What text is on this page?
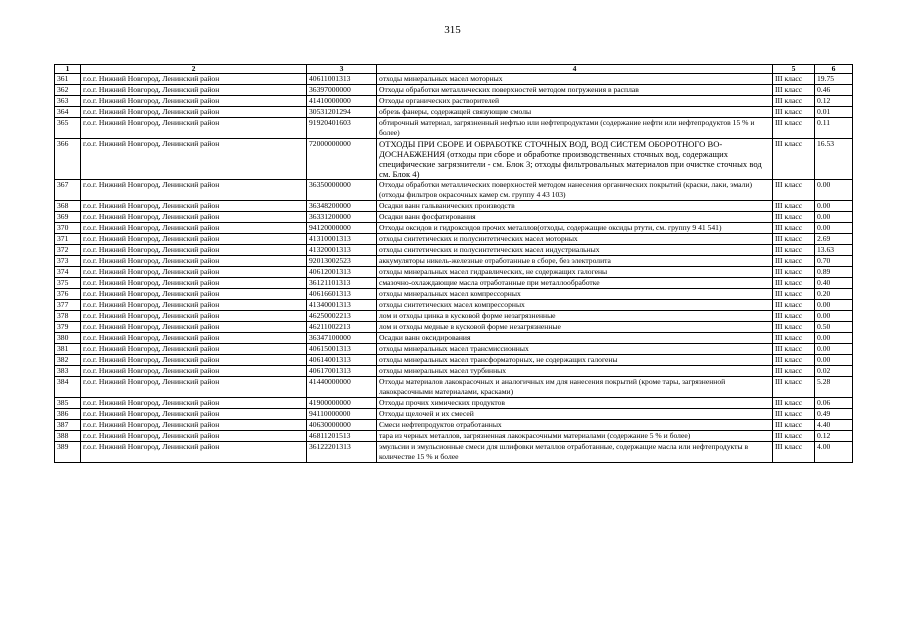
315
1	2	3	4	5	6
361	г.о.г. Нижний Новгород, Ленинский район	40611001313	отходы минеральных масел моторных	III класс	19.75
362	г.о.г. Нижний Новгород, Ленинский район	36397000000	Отходы обработки металлических поверхностей методом погружения в расплав	III класс	0.46
363	г.о.г. Нижний Новгород, Ленинский район	41410000000	Отходы органических растворителей	III класс	0.12
364	г.о.г. Нижний Новгород, Ленинский район	30531201294	обрезь фанеры, содержащей связующие смолы	III класс	0.01
365	г.о.г. Нижний Новгород, Ленинский район	91920401603	обтирочный материал, загрязненный нефтью или нефтепродуктами (содержание нефти или нефтепродуктов 15 % и более)	III класс	0.11
366	г.о.г. Нижний Новгород, Ленинский район	72000000000	ОТХОДЫ ПРИ СБОРЕ И ОБРАБОТКЕ СТОЧНЫХ ВОД, ВОД СИСТЕМ ОБОРОТНОГО ВО-ДОСНАБЖЕНИЯ (отходы при сборе и обработке производственных сточных вод, содержащих специфические загрязнители - см. Блок 3; отходы фильтровальных материалов при очистке сточных вод см. Блок 4)	III класс	16.53
367	г.о.г. Нижний Новгород, Ленинский район	36350000000	Отходы обработки металлических поверхностей методом нанесения органических покрытий (краски, лаки, эмали)(отходы фильтров окрасочных камер см. группу 4 43 103)	III класс	0.00
368	г.о.г. Нижний Новгород, Ленинский район	36348200000	Осадки ванн гальванических производств	III класс	0.00
369	г.о.г. Нижний Новгород, Ленинский район	36331200000	Осадки ванн фосфатирования	III класс	0.00
370	г.о.г. Нижний Новгород, Ленинский район	94120000000	Отходы оксидов и гидроксидов прочих металлов(отходы, содержащие оксиды ртути, см. группу 9 41 541)	III класс	0.00
371	г.о.г. Нижний Новгород, Ленинский район	41310001313	отходы синтетических и полусинтетических масел моторных	III класс	2.69
372	г.о.г. Нижний Новгород, Ленинский район	41320001313	отходы синтетических и полусинтетических масел индустриальных	III класс	13.63
373	г.о.г. Нижний Новгород, Ленинский район	92013002523	аккумуляторы никель-железные отработанные в сборе, без электролита	III класс	0.70
374	г.о.г. Нижний Новгород, Ленинский район	40612001313	отходы минеральных масел гидравлических, не содержащих галогены	III класс	0.89
375	г.о.г. Нижний Новгород, Ленинский район	36121101313	смазочно-охлаждающие масла отработанные при металлообработке	III класс	0.40
376	г.о.г. Нижний Новгород, Ленинский район	40616601313	отходы минеральных масел компрессорных	III класс	0.20
377	г.о.г. Нижний Новгород, Ленинский район	41340001313	отходы синтетических масел компрессорных	III класс	0.00
378	г.о.г. Нижний Новгород, Ленинский район	46250002213	лом и отходы цинка в кусковой форме незагрязненные	III класс	0.00
379	г.о.г. Нижний Новгород, Ленинский район	46211002213	лом и отходы медные в кусковой форме незагрязненные	III класс	0.50
380	г.о.г. Нижний Новгород, Ленинский район	36347100000	Осадки ванн оксидирования	III класс	0.00
381	г.о.г. Нижний Новгород, Ленинский район	40615001313	отходы минеральных масел трансмиссионных	III класс	0.00
382	г.о.г. Нижний Новгород, Ленинский район	40614001313	отходы минеральных масел трансформаторных, не содержащих галогены	III класс	0.00
383	г.о.г. Нижний Новгород, Ленинский район	40617001313	отходы минеральных масел турбинных	III класс	0.02
384	г.о.г. Нижний Новгород, Ленинский район	41440000000	Отходы материалов лакокрасочных и аналогичных им для нанесения покрытий (кроме тары, загрязненной лакокрасочными материалами, красками)	III класс	5.28
385	г.о.г. Нижний Новгород, Ленинский район	41900000000	Отходы прочих химических продуктов	III класс	0.06
386	г.о.г. Нижний Новгород, Ленинский район	94110000000	Отходы щелочей и их смесей	III класс	0.49
387	г.о.г. Нижний Новгород, Ленинский район	40630000000	Смеси нефтепродуктов отработанных	III класс	4.40
388	г.о.г. Нижний Новгород, Ленинский район	46811201513	тара из черных металлов, загрязненная лакокрасочными материалами (содержание 5 % и более)	III класс	0.12
389	г.о.г. Нижний Новгород, Ленинский район	36122201313	эмульсии и эмульсионные смеси для шлифовки металлов отработанные, содержащие масла или нефтепродукты в количестве 15 % и более	III класс	4.00
